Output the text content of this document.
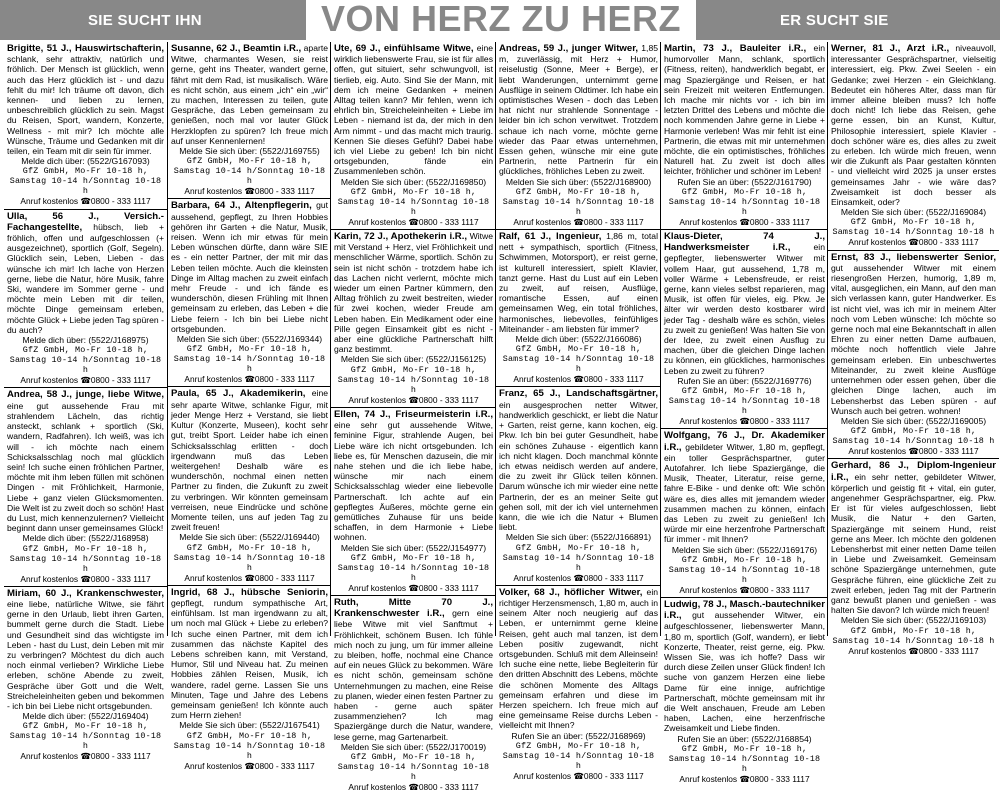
SIE SUCHT IHN	VON HERZ ZU HERZ	ER SUCHT SIE
Brigitte, 51 J., Hauswirtschafterin, schlank, sehr attraktiv, natürlich und fröhlich. Der Mensch ist glücklich, wenn auch das Herz glücklich ist - und dazu fehlt du mir! Ich träume oft davon, dich kennen- und lieben zu lernen, unbeschreiblich glücklich zu sein. Magst du Reisen, Sport, wandern, Konzerte, Wellness - mit mir? Ich möchte alle Wünsche, Träume und Gedanken mit dir teilen, ein Team mit dir sein für immer.
Melde dich über: (5522/G167093)
GfZ GmbH, Mo-Fr 10-18 h,
Samstag 10-14 h/Sonntag 10-18 h
Anruf kostenlos ☎0800 - 333 1117
Ulla, 56 J., Versich.-Fachangestellte, hübsch, lieb + fröhlich, offen und aufgeschlossen (+ ausgezeichnet), sportlich (Golf, Segeln). Glücklich sein, Leben, Lieben - das wünsche ich mir! Ich lache von Herzen gerne, liebe die Natur, höre Musik, fahre Ski, wandere im Sommer gerne - und möchte mein Leben mit dir teilen, möchte Dinge gemeinsam erleben, möchte Glück + Liebe jeden Tag spüren - du auch?
Melde dich über: (5522/J168975)
GfZ GmbH, Mo-Fr 10-18 h,
Samstag 10-14 h/Sonntag 10-18 h
Anruf kostenlos ☎0800 - 333 1117
Andrea, 58 J., junge, liebe Witwe, eine gut aussehende Frau mit strahlendem Lächeln, das richtig ansteckt, schlank + sportlich (Ski, wandern, Radfahren). Ich weiß, was ich will - ich möchte nach einem Schicksalsschlag noch mal glücklich sein! Ich suche einen fröhlichen Partner, möchte mit ihm leben füllen mit schönen Dingen - mit Fröhlichkeit, Harmonie, Liebe + ganz vielen Glücksmomenten. Die Welt ist zu zweit doch so schön! Hast du Lust, mich kennenzulernen? Vielleicht beginnt dann unser gemeinsames Glück!
Melde dich über: (5522/J168958)
GfZ GmbH, Mo-Fr 10-18 h,
Samstag 10-14 h/Sonntag 10-18 h
Anruf kostenlos ☎0800 - 333 1117
Miriam, 60 J., Krankenschwester, eine liebe, natürliche Witwe, sie fährt gerne in den Urlaub, liebt ihren Garten, bummelt gerne durch die Stadt. Liebe und Gesundheit sind das wichtigste im Leben - hast du Lust, dein Leben mit mir zu verbringen? Möchtest du dich auch noch einmal verlieben? Wirkliche Liebe erleben, schöne Abende zu zweit, Gespräche über Gott und die Welt, Streicheleinheiten geben und bekommen - ich bin bei Liebe nicht ortsgebunden.
Melde dich über: (5522/J169404)
GfZ GmbH, Mo-Fr 10-18 h,
Samstag 10-14 h/Sonntag 10-18 h
Anruf kostenlos ☎0800 - 333 1117
Susanne, 62 J., Beamtin i.R., aparte Witwe, charmantes Wesen, sie reist gerne, geht ins Theater, wandert gerne, fährt mit dem Rad, ist musikalisch. Wäre es nicht schön, aus einem „ich“ ein „wir“ zu machen, Interessen zu teilen, gute Gespräche, das Leben gemeinsam zu genießen, noch mal vor lauter Glück Herzklopfen zu spüren? Ich freue mich auf unser Kennenlernen!
Melde Sie sich über: (5522/J169755)
GfZ GmbH, Mo-Fr 10-18 h,
Samstag 10-14 h/Sonntag 10-18 h
Anruf kostenlos ☎0800 - 333 1117
Barbara, 64 J., Altenpflegerin, gut aussehend, gepflegt, zu Ihren Hobbies gehören ihr Garten + die Natur, Musik, reisen. Wenn ich mir etwas für mein Leben wünschen dürfte, dann wäre SIE es - ein netter Partner, der mit mir das Leben teilen möchte. Auch die kleinsten Dinge im Alltag machen zu zweit einfach mehr Freude - und ich fände es wunderschön, diesen Frühling mit Ihnen gemeinsam zu erleben, das Leben + die Liebe feiern - Ich bin bei Liebe nicht ortsgebunden.
Melden Sie sich über: (5522/J169344)
GfZ GmbH, Mo-Fr 10-18 h,
Samstag 10-14 h/Sonntag 10-18 h
Anruf kostenlos ☎0800 - 333 1117
Paula, 65 J., Akademikerin, eine sehr aparte Witwe, schlanke Figur, mit jeder Menge Herz + Verstand, sie liebt Kultur (Konzerte, Museen), kocht sehr gut, treibt Sport. Leider habe ich einen Schicksalsschlag erlitten - doch irgendwann muß das Leben weitergehen! Deshalb wäre es wunderschön, nochmal einen netten Partner zu finden, die Zukunft zu zweit zu verbringen. Wir könnten gemeinsam verreisen, neue Eindrücke und schöne Momente teilen, uns auf jeden Tag zu zweit freuen!
Melde Sie sich über: (5522/J169440)
GfZ GmbH, Mo-Fr 10-18 h,
Samstag 10-14 h/Sonntag 10-18 h
Anruf kostenlos ☎0800 - 333 1117
Ingrid, 68 J., hübsche Seniorin, gepflegt, rundum sympathische Art, einfühlsam. Ist man irgendwann zu alt, um noch mal Glück + Liebe zu erleben? Ich suche einen Partner, mit dem ich zusammen das nächste Kapitel des Lebens schreiben kann, mit Verstand, Humor, Stil und Niveau hat. Zu meinen Hobbies zählen Reisen, Musik, ich wandere, radel gerne. Lassen Sie uns Minuten, Tage und Jahre des Lebens gemeinsam genießen! Ich könnte auch zum Herrn ziehen!
Melde Sie sich über: (5522/J167541)
GfZ GmbH, Mo-Fr 10-18 h,
Samstag 10-14 h/Sonntag 10-18 h
Anruf kostenlos ☎0800 - 333 1117
Ute, 69 J., einfühlsame Witwe, eine wirklich liebenswerte Frau, sie ist für alles offen, gut situiert, sehr schwungvoll, ist tierlieb, eig. Auto. Sind Sie der Mann, mit dem ich meine Gedanken + meinen Alltag teilen kann? Mir fehlen, wenn ich ehrlich bin, Streicheleinheiten + Liebe im Leben - niemand ist da, der mich in den Arm nimmt - und das macht mich traurig. Kennen Sie dieses Gefühl? Dabei habe ich viel Liebe zu geben! Ich bin nicht ortsgebunden, fände ein Zusammenleben schön.
Melden Sie sich über: (5522/J169850)
GfZ GmbH, Mo-Fr 10-18 h,
Samstag 10-14 h/Sonntag 10-18 h
Anruf kostenlos ☎0800 - 333 1117
Karin, 72 J., Apothekerin i.R., Witwe mit Verstand + Herz, viel Fröhlichkeit und menschlicher Wärme, sportlich. Schön zu sein ist nicht schön - trotzdem habe ich das Lachen nicht verlernt, möchte mich wieder um einen Partner kümmern, den Alltag fröhlich zu zweit bestreiten, wieder für zwei kochen, wieder Freude am Leben haben. Ein Medikament oder eine Pille gegen Einsamkeit gibt es nicht - aber eine glückliche Partnerschaft hilft ganz bestimmt.
Melden Sie sich über: (5522/J156125)
GfZ GmbH, Mo-Fr 10-18 h,
Samstag 10-14 h/Sonntag 10-18 h
Anruf kostenlos ☎0800 - 333 1117
Ellen, 74 J., Friseurmeisterin i.R., eine sehr gut aussehende Witwe, feminine Figur, strahlende Augen, bei Liebe wäre ich nicht ortsgebunden. Ich liebe es, für Menschen dazusein, die mir nahe stehen und die ich liebe habe, wünsche mir nach einem Schicksalsschlag wieder eine liebevolle Partnerschaft. Ich achte auf ein gepflegtes Äußeres, möchte gerne ein gemütliches Zuhause für uns beide schaffen, in dem Harmonie + Liebe wohnen.
Melden Sie sich über: (5522/J154977)
GfZ GmbH, Mo-Fr 10-18 h,
Samstag 10-14 h/Sonntag 10-18 h
Anruf kostenlos ☎0800 - 333 1117
Ruth, Mitte 70 J., Krankenschwester i.R., gern eine liebe Witwe mit viel Sanftmut + Fröhlichkeit, schönem Busen. Ich fühle mich noch zu jung, um für immer alleine zu bleiben, hoffe, nochmal eine Chance auf ein neues Glück zu bekommen. Wäre es nicht schön, gemeinsam schöne Unternehmungen zu machen, eine Reise zu planen, wieder einen festen Partner zu haben - gerne auch später zusammenziehen? Ich mag Spaziergänge durch die Natur, wandere, lese gerne, mag Gartenarbeit.
Melden Sie sich über: (5522/J170019)
GfZ GmbH, Mo-Fr 10-18 h,
Samstag 10-14 h/Sonntag 10-18 h
Anruf kostenlos ☎0800 - 333 1117
Andreas, 59 J., junger Witwer, 1,85 m, zuverlässig, mit Herz + Humor, reiselustig (Sonne, Meer + Berge), er liebt Wanderungen, unternimmt gerne Ausflüge in seinem Oldtimer. Ich habe ein optimistisches Wesen - doch das Leben hat nicht nur strahlende Sonnentage - leider bin ich schon verwitwet. Trotzdem schaue ich nach vorne, möchte gerne wieder das Paar etwas unternehmen, Essen gehen, wünsche mir eine gute Partnerin, nette Partnerin für ein glückliches, fröhliches Leben zu zweit.
Melden Sie sich über: (5522/J168900)
GfZ GmbH, Mo-Fr 10-18 h,
Samstag 10-14 h/Sonntag 10-18 h
Anruf kostenlos ☎0800 - 333 1117
Ralf, 61 J., Ingenieur, 1,86 m, total nett + sympathisch, sportlich (Fitness, Schwimmen, Motorsport), er reist gerne, ist kulturell interessiert, spielt Klavier, tanzt gerne. Hast du Lust auf ein Leben zu zweit, auf reisen, Ausflüge, romantische Essen, auf einen gemeinsamen Weg, ein total fröhliches, harmonisches, liebevolles, feinfühliges Miteinander - am liebsten für immer?
Melde dich über: (5522/J166086)
GfZ GmbH, Mo-Fr 10-18 h,
Samstag 10-14 h/Sonntag 10-18 h
Anruf kostenlos ☎0800 - 333 1117
Franz, 65 J., Landschaftsgärtner, ein ausgesprochen netter Witwer, handwerklich geschickt, er liebt die Natur + Garten, reist gerne, kann kochen, eig. Pkw. Ich bin bei guter Gesundheit, habe ein schönes Zuhause - eigentlich kann ich nicht klagen. Doch manchmal könnte ich etwas neidisch werden auf andere, die zu zweit ihr Glück teilen können. Darum wünsche ich mir wieder eine nette Partnerin, der es an meiner Seite gut gehen soll, mit der ich viel unternehmen kann, die wie ich die Natur + Blumen liebt.
Melden Sie sich über: (5522/J166891)
GfZ GmbH, Mo-Fr 10-18 h,
Samstag 10-14 h/Sonntag 10-18 h
Anruf kostenlos ☎0800 - 333 1117
Volker, 68 J., höflicher Witwer, ein richtiger Herzensmensch, 1,80 m, auch in seinem Alter noch neugierig auf das Leben, er unternimmt gerne kleine Reisen, geht auch mal tanzen, ist dem Leben positiv zugewandt, nicht ortsgebunden. Schluß mit dem Alleinsein! Ich suche eine nette, liebe Begleiterin für den dritten Abschnitt des Lebens, möchte die schönen Momente des Alltags gemeinsam erfahren und diese im Herzen speichern. Ich freue mich auf eine gemeinsame Reise durchs Leben - vielleicht mit Ihnen?
Rufen Sie an über: (5522/J168969)
GfZ GmbH, Mo-Fr 10-18 h,
Samstag 10-14 h/Sonntag 10-18 h
Anruf kostenlos ☎0800 - 333 1117
Martin, 73 J., Bauleiter i.R., ein humorvoller Mann, schlank, sportlich (Fitness, reiten), handwerklich begabt, er mag Spaziergänge und Reisen, er hat sein Freizeit mit weiteren Entfernungen. Ich mache mir nichts vor - ich bin im letzten Drittel des Lebens und möchte die noch kommenden Jahre gerne in Liebe + Harmonie verleben! Was mir fehlt ist eine Partnerin, die etwas mit mir unternehmen möchte, die ein optimistisches, fröhliches Naturell hat. Zu zweit ist doch alles leichter, fröhlicher und schöner im Leben!
Rufen Sie an über: (5522/J161790)
GfZ GmbH, Mo-Fr 10-18 h,
Samstag 10-14 h/Sonntag 10-18 h
Anruf kostenlos ☎0800 - 333 1117
Klaus-Dieter, 74 J., Handwerksmeister i.R.,	ein gepflegter, liebenswerter Witwer mit vollem Haar, gut aussehend, 1,78 m, voller Wärme + Lebensfreude, er reist gerne, kann vieles selbst reparieren, mag Musik, ist offen für vieles, eig. Pkw. Je älter wir werden desto kostbarer wird jeder Tag - deshalb wäre es schön, vieles zu zweit zu genießen! Was halten Sie von der Idee, zu zweit einen Ausflug zu machen, über die gleichen Dinge lachen zu können, ein glückliches, harmonisches Leben zu zweit zu führen?
Rufen Sie an über: (5522/J169776)
GfZ GmbH, Mo-Fr 10-18 h,
Samstag 10-14 h/Sonntag 10-18 h
Anruf kostenlos ☎0800 - 333 1117
Wolfgang, 76 J., Dr. Akademiker i.R., gebildeter Witwer, 1,80 m, gepflegt, ein toller Gesprächspartner, guter Autofahrer. Ich liebe Spaziergänge, die Musik, Theater, Literatur, reise gerne, fahre E-Bike - und denke oft: Wie schön wäre es, dies alles mit jemandem wieder zusammen machen zu können, einfach das Leben zu zweit zu genießen! Ich würde mir eine herzenfrohe Partnerschaft für immer - mit Ihnen?
Melden Sie sich über: (5522/J169176)
GfZ GmbH, Mo-Fr 10-18 h,
Samstag 10-14 h/Sonntag 10-18 h
Anruf kostenlos ☎0800 - 333 1117
Ludwig, 78 J., Masch.-bautechniker i.R., gut aussehender Witwer, ein aufgeschlossener, liebenswerter Mann, 1,80 m, sportlich (Golf, wandern), er liebt Konzerte, Theater, reist gerne, eig. Pkw. Wissen Sie, was ich hoffe? Dass wir durch diese Zeilen unser Glück finden! Ich suche von ganzem Herzen eine liebe Dame für eine innige, aufrichtige Partnerschaft, möchte gemeinsam mit ihr die Welt anschauen, Freude am Leben haben, Lachen, eine herzenfrische Zweisamkeit und Liebe finden.
Rufen Sie an über: (5522/J168854)
GfZ GmbH, Mo-Fr 10-18 h,
Samstag 10-14 h/Sonntag 10-18 h
Anruf kostenlos ☎0800 - 333 1117
Werner, 81 J., Arzt i.R., niveauvoll, interessanter Gesprächspartner, vielseitig interessiert, eig. Pkw. Zwei Seelen - ein Gedanke; zwei Herzen - ein Gleichklang. Bedeutet ein höheres Alter, dass man für immer alleine bleiben muss? Ich hoffe doch nicht! Ich liebe das Reisen, gehe gerne essen, bin an Kunst, Kultur, Philosophie interessiert, spiele Klavier - doch schöner wäre es, dies alles zu zweit zu erleben. Ich würde mich freuen, wenn wir die Zukunft als Paar gestalten könnten - und vielleicht wird 2025 ja unser erstes gemeinsames Jahr - wie wäre das? Zweisamkeit ist doch besser als Einsamkeit, oder?
Melden Sie sich über: (5522/J169084)
GfZ GmbH, Mo-Fr 10-18 h,
Samstag 10-14 h/Sonntag 10-18 h
Anruf kostenlos ☎0800 - 333 1117
Ernst, 83 J., liebenswerter Senior, gut aussehender Witwer mit einem riesengroßen Herzen, humorig, 1,89 m, vital, ausgeglichen, ein Mann, auf den man sich verlassen kann, guter Handwerker. Es ist nicht viel, was ich mir in meinem Alter noch vom Leben wünsche: Ich möchte so gerne noch mal eine Bekanntschaft in allen Ehren zu einer netten Dame aufbauen, möchte noch hoffentlich viele Jahre gemeinsam erleben. Ein unbeschwertes Miteinander, zu zweit kleine Ausflüge unternehmen oder essen gehen, über die gleichen Dinge lachen, auch im Lebensherbst das Leben spüren - auf Wunsch auch bei getren. wohnen!
Melden Sie sich über: (5522/J169005)
GfZ GmbH, Mo-Fr 10-18 h,
Samstag 10-14 h/Sonntag 10-18 h
Anruf kostenlos ☎0800 - 333 1117
Gerhard, 86 J., Diplom-Ingenieur i.R., ein sehr netter, gebildeter Witwer, körperlich und geistig fit + vital, ein guter, angenehmer Gesprächspartner, eig. Pkw. Er ist für vieles aufgeschlossen, liebt Musik, die Natur + den Garten, Spaziergänge mit seinem Hund, reist gerne ans Meer. Ich möchte den goldenen Lebensherbst mit einer netten Dame teilen in Liebe und Zweisamkeit. Gemeinsam schöne Spaziergänge unternehmen, gute Gespräche führen, eine glückliche Zeit zu zweit erleben, jeden Tag mit der Partnerin ganz bewußt planen und genießen - was halten Sie davon? Ich würde mich freuen!
Melden Sie sich über: (5522/J169103)
GfZ GmbH, Mo-Fr 10-18 h,
Samstag 10-14 h/Sonntag 10-18 h
Anruf kostenlos ☎0800 - 333 1117
